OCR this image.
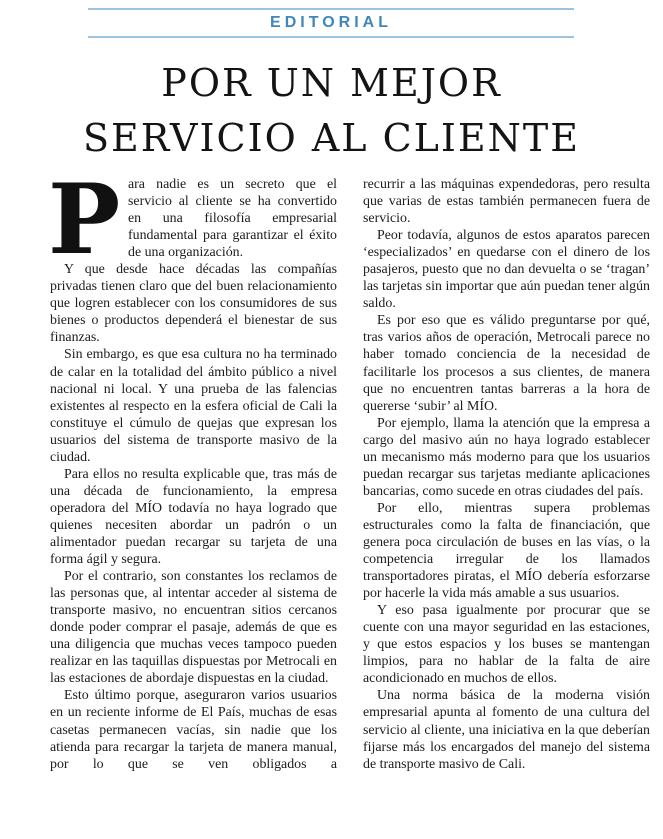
EDITORIAL
POR UN MEJOR
SERVICIO AL CLIENTE

Para nadie es un secreto que el servicio al cliente se ha convertido en una filosofía empresarial fundamental para garantizar el éxito de una organización.

Y que desde hace décadas las compañías privadas tienen claro que del buen relacionamiento que logren establecer con los consumidores de sus bienes o productos dependerá el bienestar de sus finanzas.

Sin embargo, es que esa cultura no ha terminado de calar en la totalidad del ámbito público a nivel nacional ni local. Y una prueba de las falencias existentes al respecto en la esfera oficial de Cali la constituye el cúmulo de quejas que expresan los usuarios del sistema de transporte masivo de la ciudad.

Para ellos no resulta explicable que, tras más de una década de funcionamiento, la empresa operadora del MÍO todavía no haya logrado que quienes necesiten abordar un padrón o un alimentador puedan recargar su tarjeta de una forma ágil y segura.

Por el contrario, son constantes los reclamos de las personas que, al intentar acceder al sistema de transporte masivo, no encuentran sitios cercanos donde poder comprar el pasaje, además de que es una diligencia que muchas veces tampoco pueden realizar en las taquillas dispuestas por Metrocali en las estaciones de abordaje dispuestas en la ciudad.

Esto último porque, aseguraron varios usuarios en un reciente informe de El País, muchas de esas casetas permanecen vacías, sin nadie que los atienda para recargar la tarjeta de manera manual, por lo que se ven obligados a

recurrir a las máquinas expendedoras, pero resulta que varias de estas también permanecen fuera de servicio.

Peor todavía, algunos de estos aparatos parecen ‘especializados’ en quedarse con el dinero de los pasajeros, puesto que no dan devuelta o se ‘tragan’ las tarjetas sin importar que aún puedan tener algún saldo.

Es por eso que es válido preguntarse por qué, tras varios años de operación, Metrocali parece no haber tomado conciencia de la necesidad de facilitarle los procesos a sus clientes, de manera que no encuentren tantas barreras a la hora de quererse ‘subir’ al MÍO.

Por ejemplo, llama la atención que la empresa a cargo del masivo aún no haya logrado establecer un mecanismo más moderno para que los usuarios puedan recargar sus tarjetas mediante aplicaciones bancarias, como sucede en otras ciudades del país.

Por ello, mientras supera problemas estructurales como la falta de financiación, que genera poca circulación de buses en las vías, o la competencia irregular de los llamados transportadores piratas, el MÍO debería esforzarse por hacerle la vida más amable a sus usuarios.

Y eso pasa igualmente por procurar que se cuente con una mayor seguridad en las estaciones, y que estos espacios y los buses se mantengan limpios, para no hablar de la falta de aire acondicionado en muchos de ellos.

Una norma básica de la moderna visión empresarial apunta al fomento de una cultura del servicio al cliente, una iniciativa en la que deberían fijarse más los encargados del manejo del sistema de transporte masivo de Cali.
